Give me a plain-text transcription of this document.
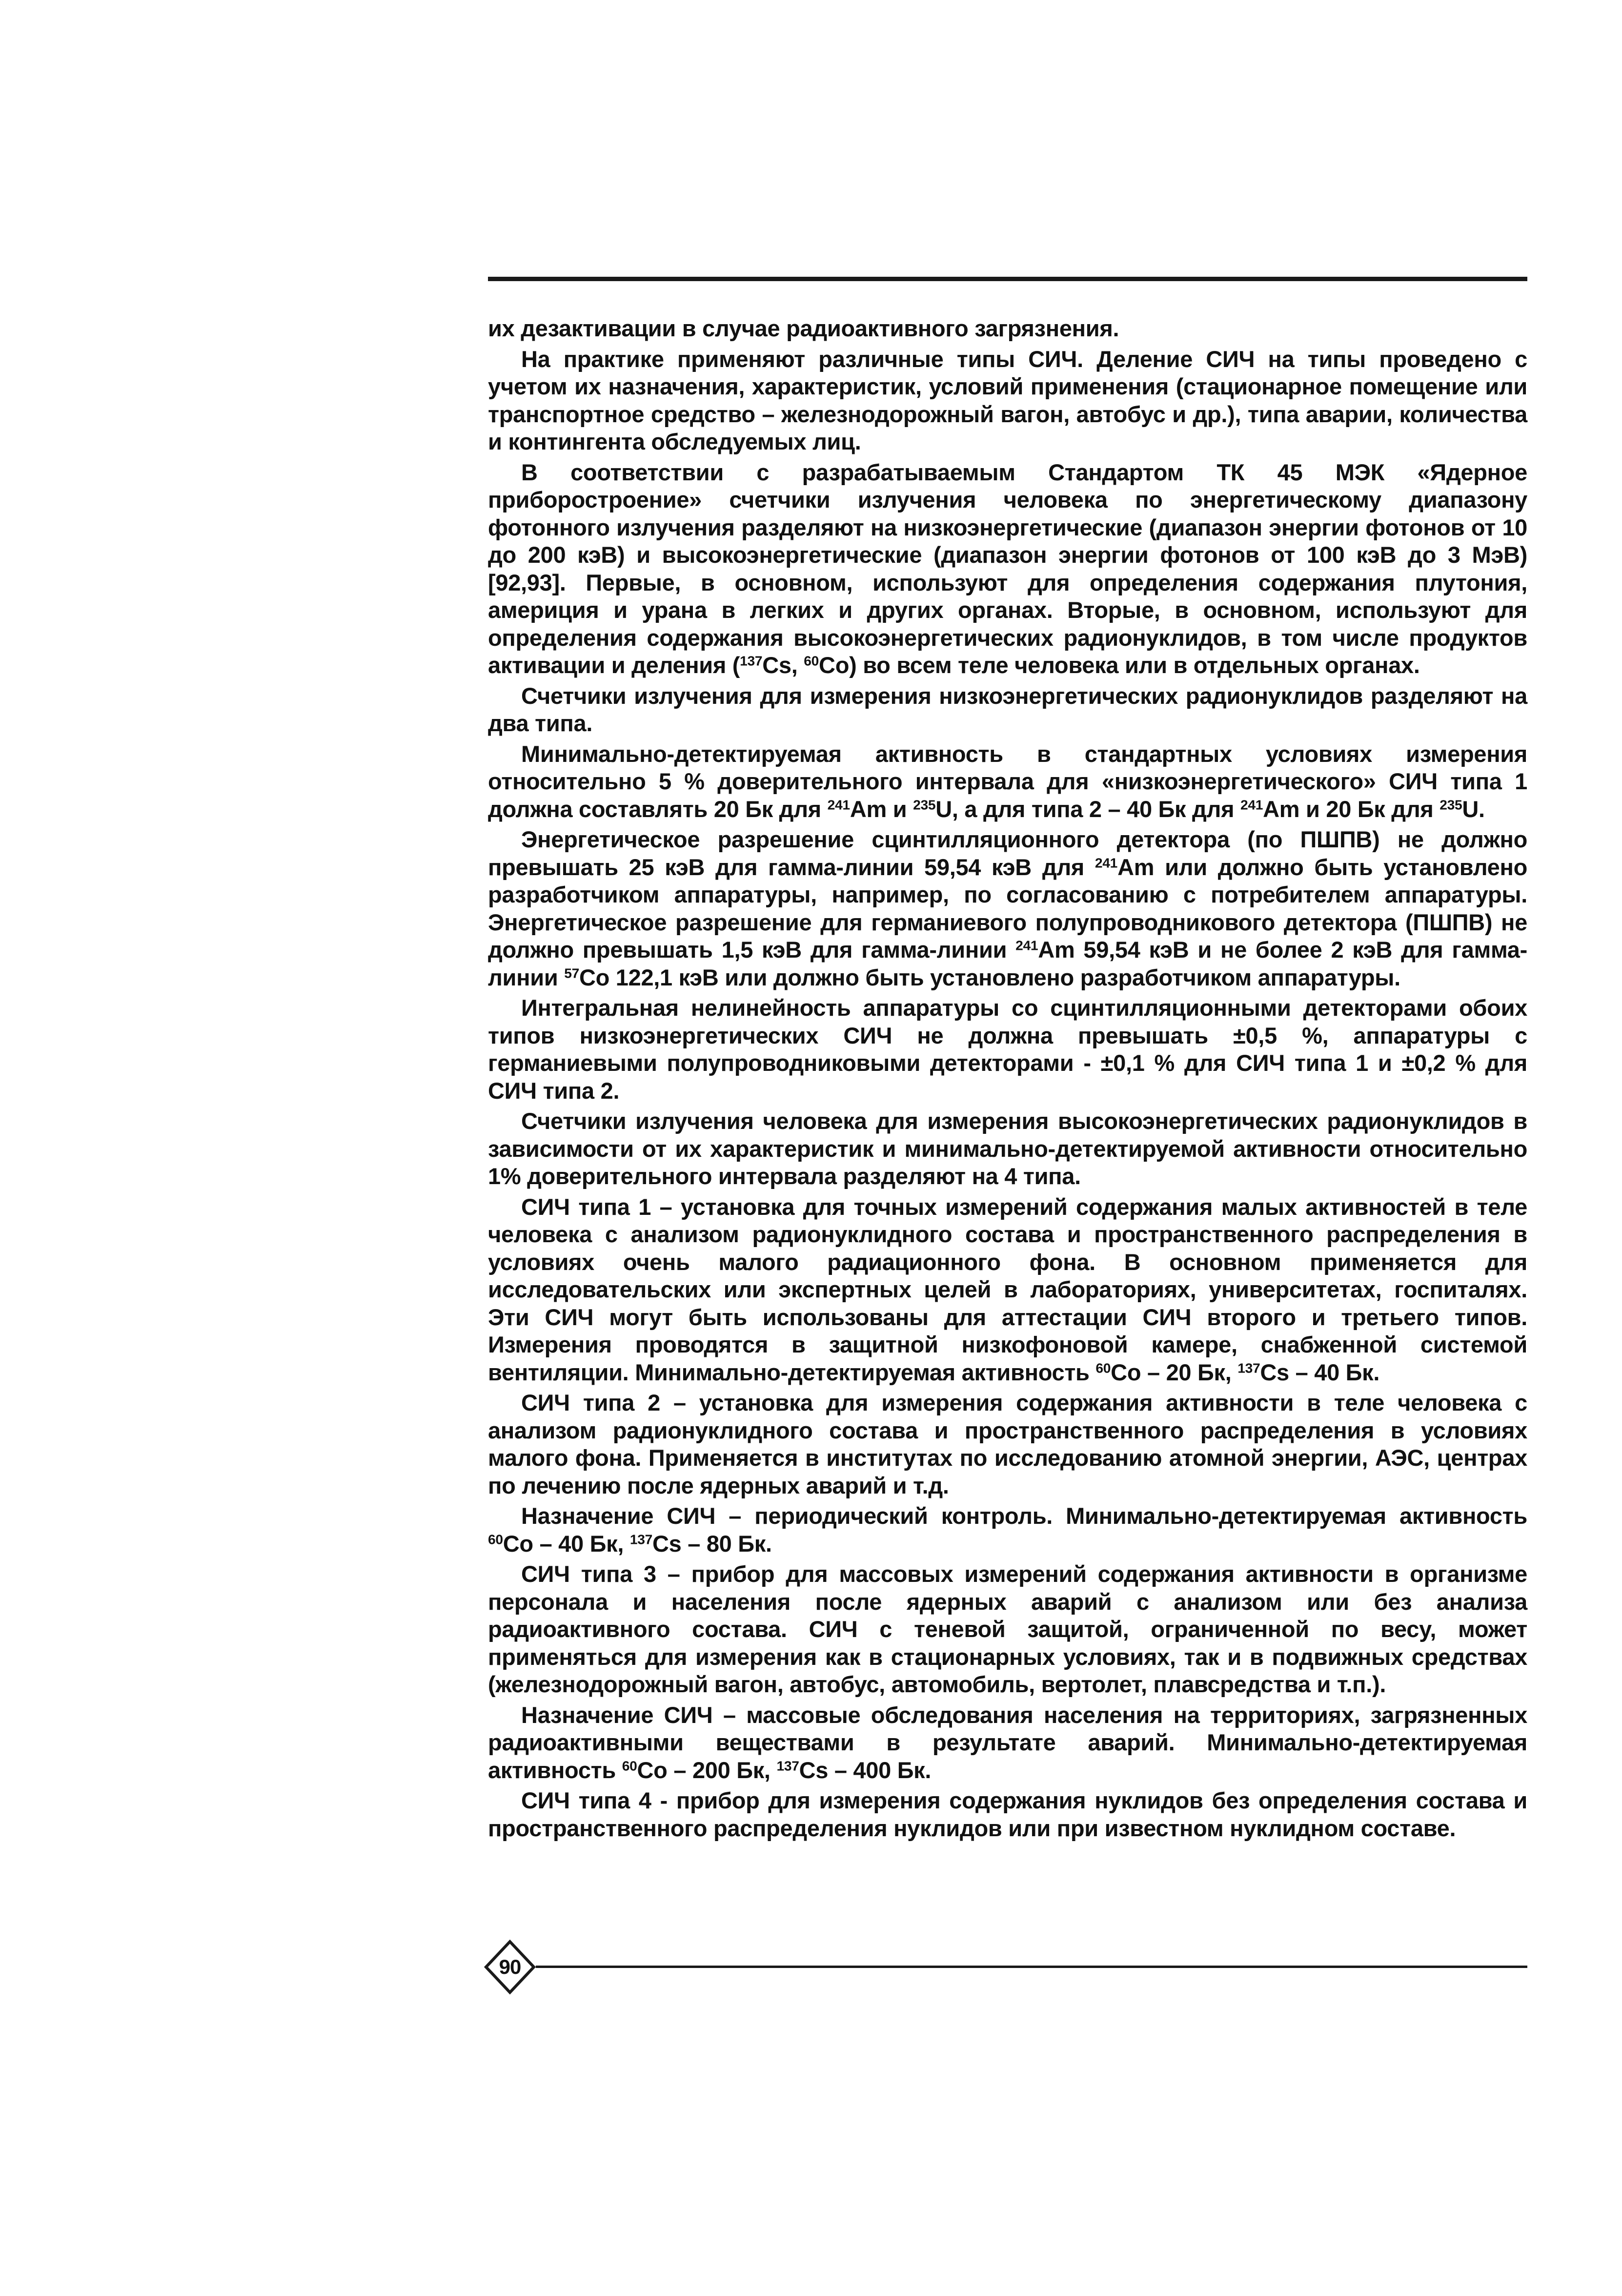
их дезактивации в случае радиоактивного загрязнения.

На практике применяют различные типы СИЧ. Деление СИЧ на типы проведено с учетом их назначения, характеристик, условий применения (стационарное помещение или транспортное средство – железнодорожный вагон, автобус и др.), типа аварии, количества и контингента обследуемых лиц.

В соответствии с разрабатываемым Стандартом ТК 45 МЭК «Ядерное приборостроение» счетчики излучения человека по энергетическому диапазону фотонного излучения разделяют на низкоэнергетические (диапазон энергии фотонов от 10 до 200 кэВ) и высокоэнергетические (диапазон энергии фотонов от 100 кэВ до 3 МэВ) [92,93]. Первые, в основном, используют для определения содержания плутония, америция и урана в легких и других органах. Вторые, в основном, используют для определения содержания высокоэнергетических радионуклидов, в том числе продуктов активации и деления ($^{137}$Cs, $^{60}$Co) во всем теле человека или в отдельных органах.

Счетчики излучения для измерения низкоэнергетических радионуклидов разделяют на два типа.

Минимально-детектируемая активность в стандартных условиях измерения относительно 5 % доверительного интервала для «низкоэнергетического» СИЧ типа 1 должна составлять 20 Бк для $^{241}$Am и $^{235}$U, а для типа 2 – 40 Бк для $^{241}$Am и 20 Бк для $^{235}$U.

Энергетическое разрешение сцинтилляционного детектора (по ПШПВ) не должно превышать 25 кэВ для гамма-линии 59,54 кэВ для $^{241}$Am или должно быть установлено разработчиком аппаратуры, например, по согласованию с потребителем аппаратуры. Энергетическое разрешение для германиевого полупроводникового детектора (ПШПВ) не должно превышать 1,5 кэВ для гамма-линии $^{241}$Am 59,54 кэВ и не более 2 кэВ для гамма-линии $^{57}$Co 122,1 кэВ или должно быть установлено разработчиком аппаратуры.

Интегральная нелинейность аппаратуры со сцинтилляционными детекторами обоих типов низкоэнергетических СИЧ не должна превышать ±0,5 %, аппаратуры с германиевыми полупроводниковыми детекторами - ±0,1 % для СИЧ типа 1 и ±0,2 % для СИЧ типа 2.

Счетчики излучения человека для измерения высокоэнергетических радионуклидов в зависимости от их характеристик и минимально-детектируемой активности относительно 1% доверительного интервала разделяют на 4 типа.

СИЧ типа 1 – установка для точных измерений содержания малых активностей в теле человека с анализом радионуклидного состава и пространственного распределения в условиях очень малого радиационного фона. В основном применяется для исследовательских или экспертных целей в лабораториях, университетах, госпиталях. Эти СИЧ могут быть использованы для аттестации СИЧ второго и третьего типов. Измерения проводятся в защитной низкофоновой камере, снабженной системой вентиляции. Минимально-детектируемая активность $^{60}$Co – 20 Бк, $^{137}$Cs – 40 Бк.

СИЧ типа 2 – установка для измерения содержания активности в теле человека с анализом радионуклидного состава и пространственного распределения в условиях малого фона. Применяется в институтах по исследованию атомной энергии, АЭС, центрах по лечению после ядерных аварий и т.д.

Назначение СИЧ – периодический контроль. Минимально-детектируемая активность $^{60}$Co – 40 Бк, $^{137}$Cs – 80 Бк.

СИЧ типа 3 – прибор для массовых измерений содержания активности в организме персонала и населения после ядерных аварий с анализом или без анализа радиоактивного состава. СИЧ с теневой защитой, ограниченной по весу, может применяться для измерения как в стационарных условиях, так и в подвижных средствах (железнодорожный вагон, автобус, автомобиль, вертолет, плавсредства и т.п.).

Назначение СИЧ – массовые обследования населения на территориях, загрязненных радиоактивными веществами в результате аварий. Минимально-детектируемая активность $^{60}$Co – 200 Бк, $^{137}$Cs – 400 Бк.

СИЧ типа 4 - прибор для измерения содержания нуклидов без определения состава и пространственного распределения нуклидов или при известном нуклидном составе.

90
